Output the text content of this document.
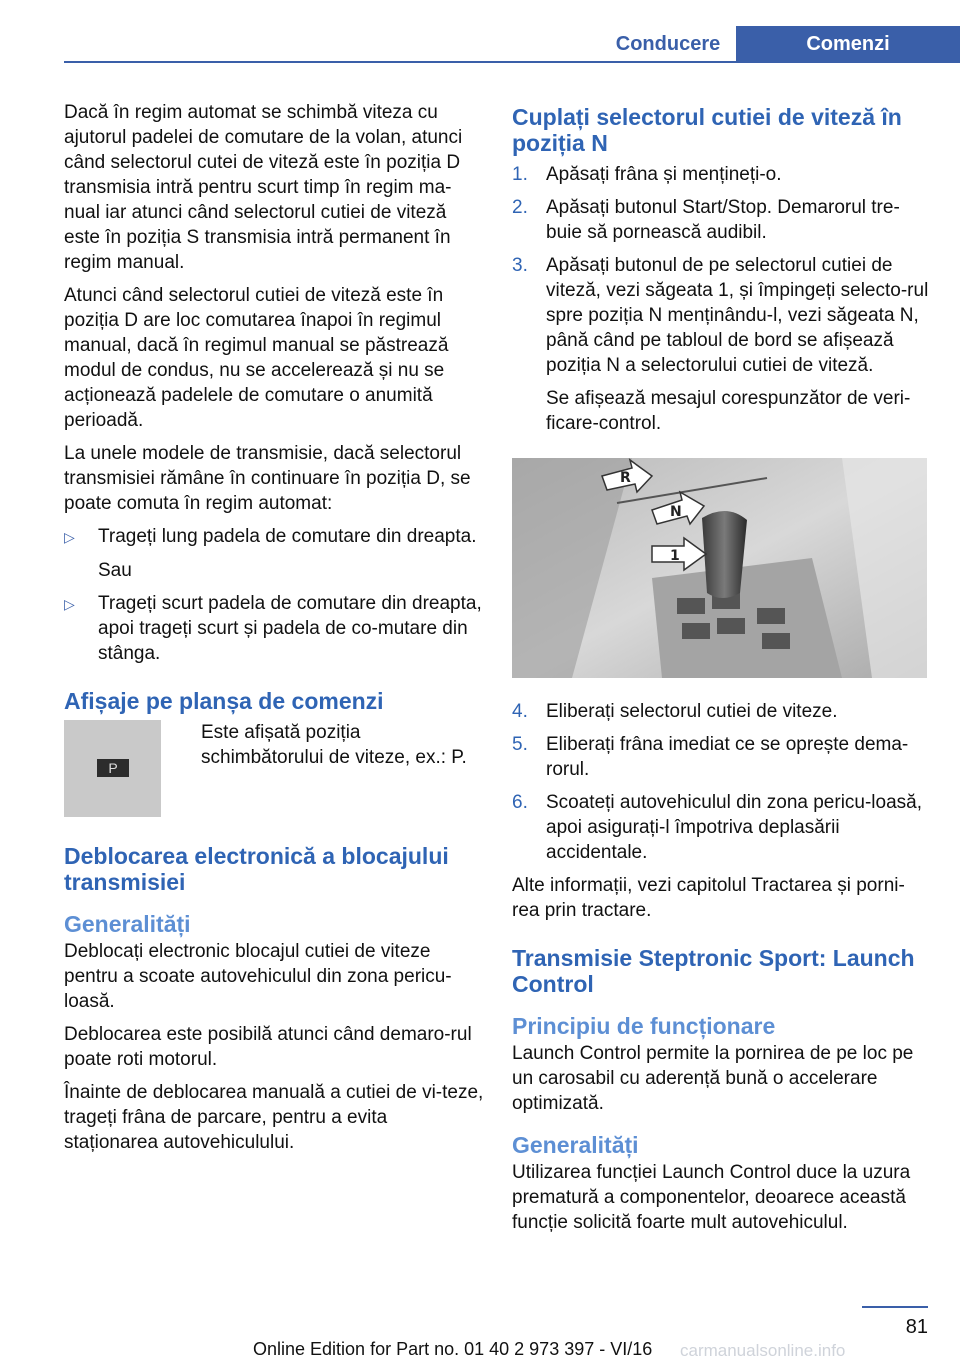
Conducere	Comenzi

Dacă în regim automat se schimbă viteza cu ajutorul padelei de comutare de la volan, atunci când selectorul cutei de viteză este în poziția D transmisia intră pentru scurt timp în regim ma‐nual iar atunci când selectorul cutiei de viteză este în poziția S transmisia intră permanent în regim manual.

Atunci când selectorul cutiei de viteză este în poziția D are loc comutarea înapoi în regimul manual, dacă în regimul manual se păstrează modul de condus, nu se accelerează și nu se acționează padelele de comutare o anumită perioadă.

La unele modele de transmisie, dacă selectorul transmisiei rămâne în continuare în poziția D, se poate comuta în regim automat:

▷	Trageți lung padela de comutare din dreapta.
Sau
▷	Trageți scurt padela de comutare din dreapta, apoi trageți scurt și padela de co‐mutare din stânga.
Afișaje pe planșa de comenzi
P
Este afișată poziția schimbătorului de viteze, ex.: P.
Deblocarea electronică a blocajului transmisiei
Generalități

Deblocați electronic blocajul cutiei de viteze pentru a scoate autovehiculul din zona pericu‐loasă.

Deblocarea este posibilă atunci când demaro‐rul poate roti motorul.

Înainte de deblocarea manuală a cutiei de vi‐teze, trageți frâna de parcare, pentru a evita staționarea autovehiculului.

Cuplați selectorul cutiei de viteză în poziția N
1. Apăsați frâna și mențineți-o.
2. Apăsați butonul Start/Stop. Demarorul tre‐buie să pornească audibil.
3. Apăsați butonul de pe selectorul cutiei de viteză, vezi săgeata 1, și împingeți selecto‐rul spre poziția N menținându-l, vezi săgeata N, până când pe tabloul de bord se afișează poziția N a selectorului cutiei de viteză.
Se afișează mesajul corespunzător de veri‐ficare-control.
R
N
1
4. Eliberați selectorul cutiei de viteze.
5. Eliberați frâna imediat ce se oprește dema‐rorul.
6. Scoateți autovehiculul din zona pericu‐loasă, apoi asigurați-l împotriva deplasării accidentale.

Alte informații, vezi capitolul Tractarea și porni‐rea prin tractare.

Transmisie Steptronic Sport: Launch Control
Principiu de funcționare

Launch Control permite la pornirea de pe loc pe un carosabil cu aderență bună o accelerare optimizată.

Generalități

Utilizarea funcției Launch Control duce la uzura prematură a componentelor, deoarece această funcție solicită foarte mult autovehiculul.

81
Online Edition for Part no. 01 40 2 973 397 - VI/16 carmanualsonline.info
